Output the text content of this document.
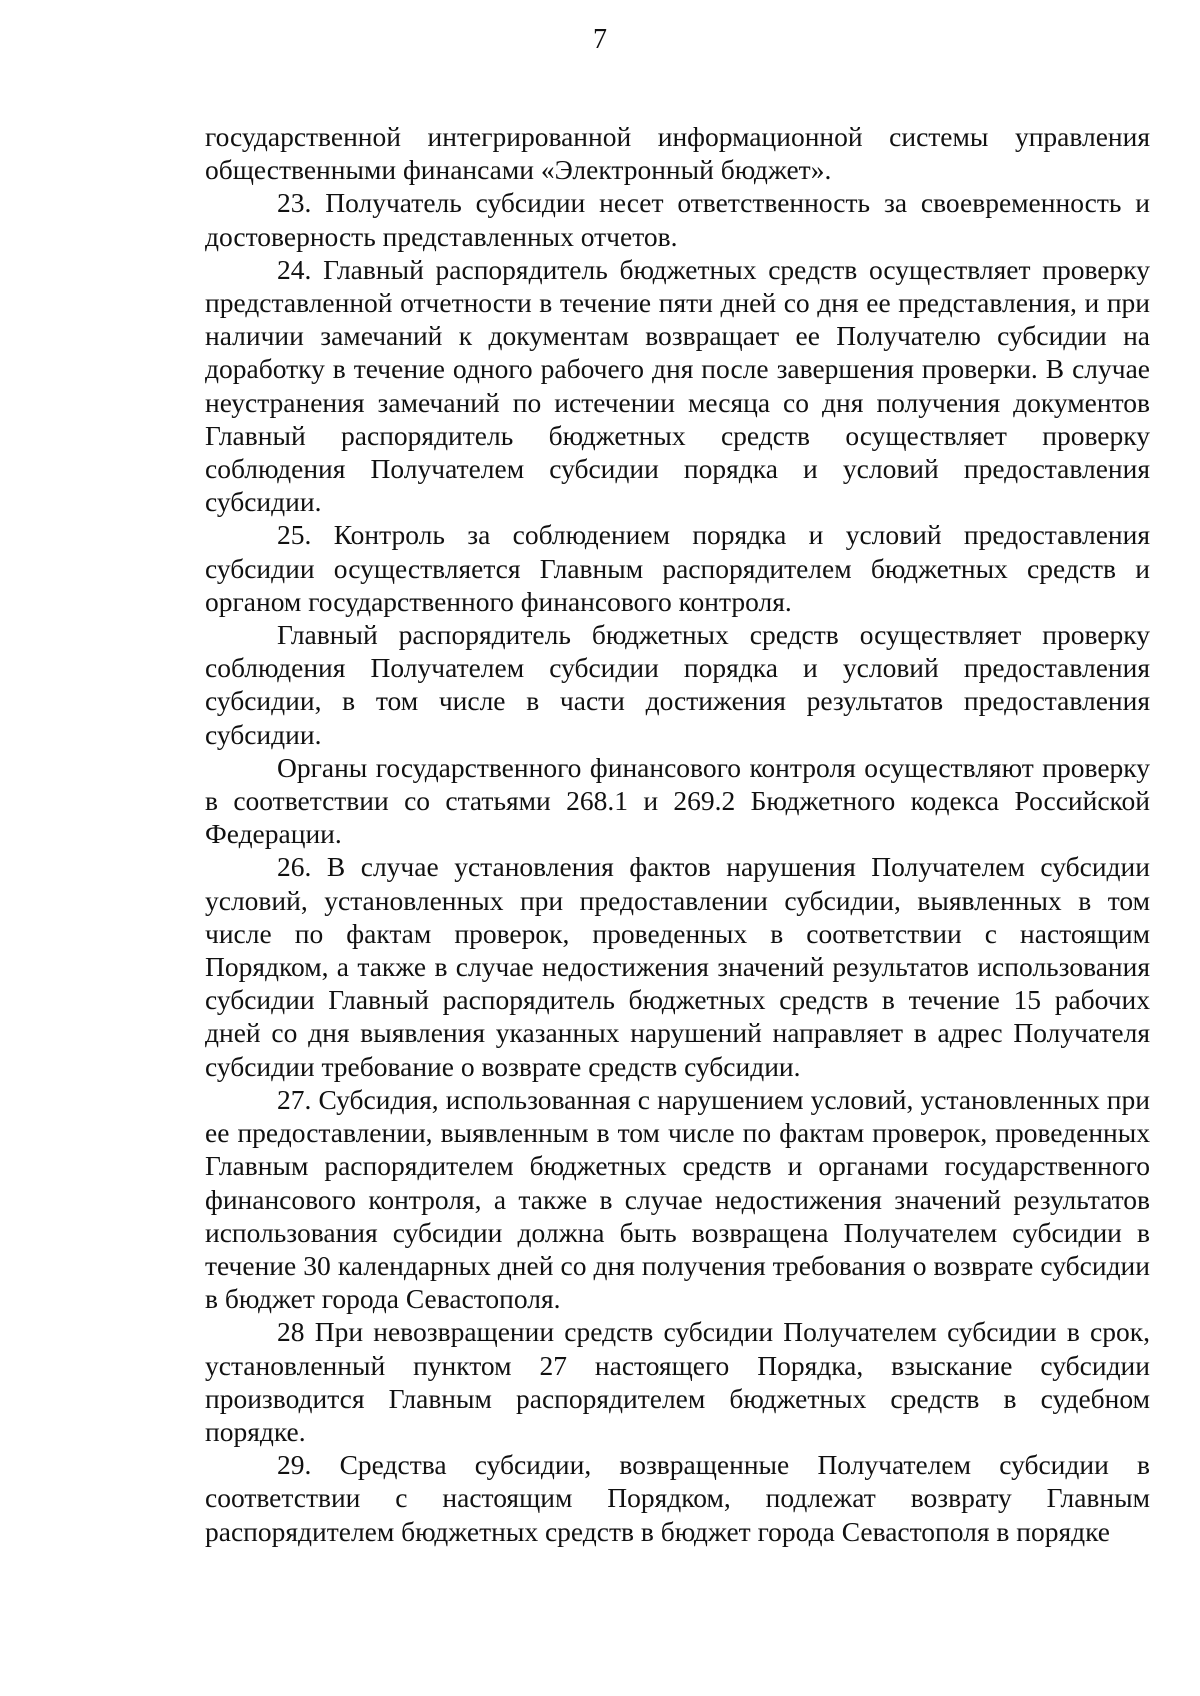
7

государственной интегрированной информационной системы управления общественными финансами «Электронный бюджет».

23. Получатель субсидии несет ответственность за своевременность и достоверность представленных отчетов.

24. Главный распорядитель бюджетных средств осуществляет проверку представленной отчетности в течение пяти дней со дня ее представления, и при наличии замечаний к документам возвращает ее Получателю субсидии на доработку в течение одного рабочего дня после завершения проверки. В случае неустранения замечаний по истечении месяца со дня получения документов Главный распорядитель бюджетных средств осуществляет проверку соблюдения Получателем субсидии порядка и условий предоставления субсидии.

25. Контроль за соблюдением порядка и условий предоставления субсидии осуществляется Главным распорядителем бюджетных средств и органом государственного финансового контроля.

Главный распорядитель бюджетных средств осуществляет проверку соблюдения Получателем субсидии порядка и условий предоставления субсидии, в том числе в части достижения результатов предоставления субсидии.

Органы государственного финансового контроля осуществляют проверку в соответствии со статьями 268.1 и 269.2 Бюджетного кодекса Российской Федерации.

26. В случае установления фактов нарушения Получателем субсидии условий, установленных при предоставлении субсидии, выявленных в том числе по фактам проверок, проведенных в соответствии с настоящим Порядком, а также в случае недостижения значений результатов использования субсидии Главный распорядитель бюджетных средств в течение 15 рабочих дней со дня выявления указанных нарушений направляет в адрес Получателя субсидии требование о возврате средств субсидии.

27. Субсидия, использованная с нарушением условий, установленных при ее предоставлении, выявленным в том числе по фактам проверок, проведенных Главным распорядителем бюджетных средств и органами государственного финансового контроля, а также в случае недостижения значений результатов использования субсидии должна быть возвращена Получателем субсидии в течение 30 календарных дней со дня получения требования о возврате субсидии в бюджет города Севастополя.

28 При невозвращении средств субсидии Получателем субсидии в срок, установленный пунктом 27 настоящего Порядка, взыскание субсидии производится Главным распорядителем бюджетных средств в судебном порядке.

29. Средства субсидии, возвращенные Получателем субсидии в соответствии с настоящим Порядком, подлежат возврату Главным распорядителем бюджетных средств в бюджет города Севастополя в порядке
